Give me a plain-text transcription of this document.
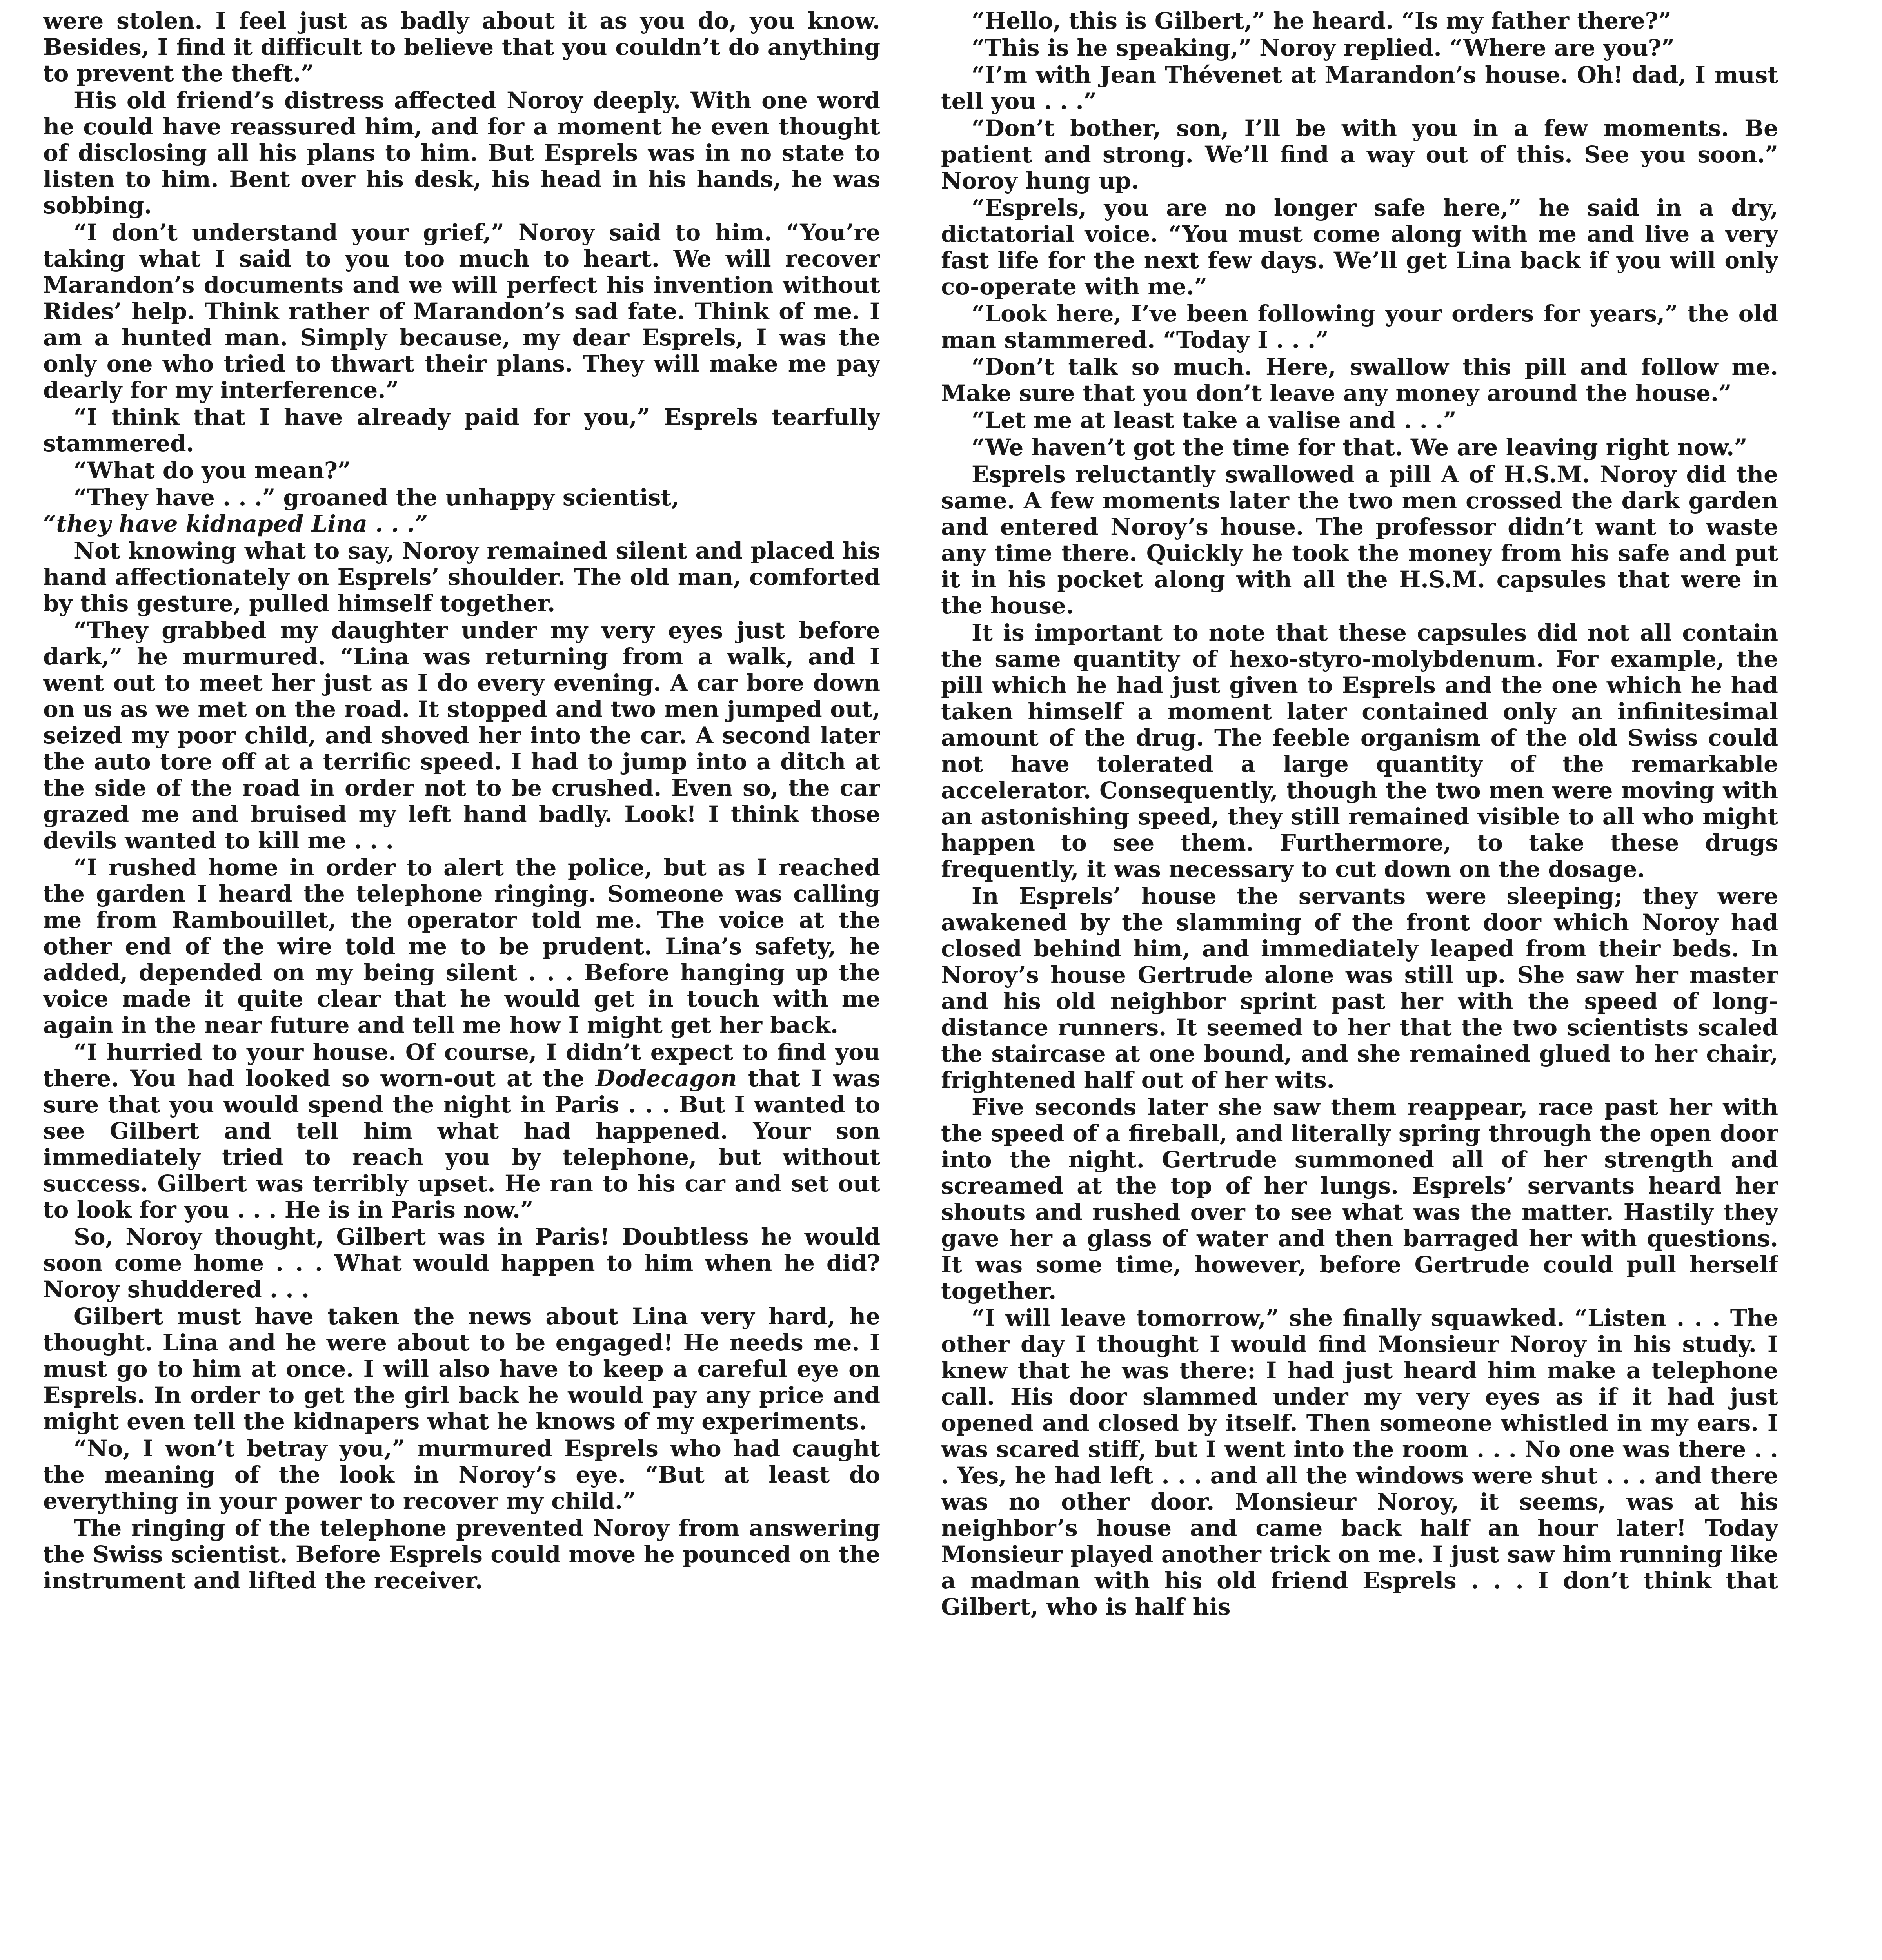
were stolen. I feel just as badly about it as you do, you know. Besides, I find it difficult to believe that you couldn’t do anything to prevent the theft.”

His old friend’s distress affected Noroy deeply. With one word he could have reassured him, and for a moment he even thought of disclosing all his plans to him. But Esprels was in no state to listen to him. Bent over his desk, his head in his hands, he was sobbing.

“I don’t understand your grief,” Noroy said to him. “You’re taking what I said to you too much to heart. We will recover Marandon’s documents and we will perfect his invention without Rides’ help. Think rather of Marandon’s sad fate. Think of me. I am a hunted man. Simply because, my dear Esprels, I was the only one who tried to thwart their plans. They will make me pay dearly for my interference.”

“I think that I have already paid for you,” Esprels tearfully stammered.

“What do you mean?”

“They have . . .” groaned the unhappy scientist,
“they have kidnaped Lina . . .”

Not knowing what to say, Noroy remained silent and placed his hand affectionately on Esprels’ shoulder. The old man, comforted by this gesture, pulled himself together.

“They grabbed my daughter under my very eyes just before dark,” he murmured. “Lina was returning from a walk, and I went out to meet her just as I do every evening. A car bore down on us as we met on the road. It stopped and two men jumped out, seized my poor child, and shoved her into the car. A second later the auto tore off at a terrific speed. I had to jump into a ditch at the side of the road in order not to be crushed. Even so, the car grazed me and bruised my left hand badly. Look! I think those devils wanted to kill me . . .

“I rushed home in order to alert the police, but as I reached the garden I heard the telephone ringing. Someone was calling me from Rambouillet, the operator told me. The voice at the other end of the wire told me to be prudent. Lina’s safety, he added, depended on my being silent . . . Before hanging up the voice made it quite clear that he would get in touch with me again in the near future and tell me how I might get her back.

“I hurried to your house. Of course, I didn’t expect to find you there. You had looked so worn-out at the Dodecagon that I was sure that you would spend the night in Paris . . . But I wanted to see Gilbert and tell him what had happened. Your son immediately tried to reach you by telephone, but without success. Gilbert was terribly upset. He ran to his car and set out to look for you . . . He is in Paris now.”

So, Noroy thought, Gilbert was in Paris! Doubtless he would soon come home . . . What would happen to him when he did? Noroy shuddered . . .

Gilbert must have taken the news about Lina very hard, he thought. Lina and he were about to be engaged! He needs me. I must go to him at once. I will also have to keep a careful eye on Esprels. In order to get the girl back he would pay any price and might even tell the kidnapers what he knows of my experiments.

“No, I won’t betray you,” murmured Esprels who had caught the meaning of the look in Noroy’s eye. “But at least do everything in your power to recover my child.”

The ringing of the telephone prevented Noroy from answering the Swiss scientist. Before Esprels could move he pounced on the instrument and lifted the receiver.

“Hello, this is Gilbert,” he heard. “Is my father there?”

“This is he speaking,” Noroy replied. “Where are you?”

“I’m with Jean Thévenet at Marandon’s house. Oh! dad, I must tell you . . .”

“Don’t bother, son, I’ll be with you in a few moments. Be patient and strong. We’ll find a way out of this. See you soon.” Noroy hung up.

“Esprels, you are no longer safe here,” he said in a dry, dictatorial voice. “You must come along with me and live a very fast life for the next few days. We’ll get Lina back if you will only co-operate with me.”

“Look here, I’ve been following your orders for years,” the old man stammered. “Today I . . .”

“Don’t talk so much. Here, swallow this pill and follow me. Make sure that you don’t leave any money around the house.”

“Let me at least take a valise and . . .”

“We haven’t got the time for that. We are leaving right now.”

Esprels reluctantly swallowed a pill A of H.S.M. Noroy did the same. A few moments later the two men crossed the dark garden and entered Noroy’s house. The professor didn’t want to waste any time there. Quickly he took the money from his safe and put it in his pocket along with all the H.S.M. capsules that were in the house.

It is important to note that these capsules did not all contain the same quantity of hexo-styro-molybdenum. For example, the pill which he had just given to Esprels and the one which he had taken himself a moment later contained only an infinitesimal amount of the drug. The feeble organism of the old Swiss could not have tolerated a large quantity of the remarkable accelerator. Consequently, though the two men were moving with an astonishing speed, they still remained visible to all who might happen to see them. Furthermore, to take these drugs frequently, it was necessary to cut down on the dosage.

In Esprels’ house the servants were sleeping; they were awakened by the slamming of the front door which Noroy had closed behind him, and immediately leaped from their beds. In Noroy’s house Gertrude alone was still up. She saw her master and his old neighbor sprint past her with the speed of long-distance runners. It seemed to her that the two scientists scaled the staircase at one bound, and she remained glued to her chair, frightened half out of her wits.

Five seconds later she saw them reappear, race past her with the speed of a fireball, and literally spring through the open door into the night. Gertrude summoned all of her strength and screamed at the top of her lungs. Esprels’ servants heard her shouts and rushed over to see what was the matter. Hastily they gave her a glass of water and then barraged her with questions. It was some time, however, before Gertrude could pull herself together.

“I will leave tomorrow,” she finally squawked. “Listen . . . The other day I thought I would find Monsieur Noroy in his study. I knew that he was there: I had just heard him make a telephone call. His door slammed under my very eyes as if it had just opened and closed by itself. Then someone whistled in my ears. I was scared stiff, but I went into the room . . . No one was there . . . Yes, he had left . . . and all the windows were shut . . . and there was no other door. Monsieur Noroy, it seems, was at his neighbor’s house and came back half an hour later! Today Monsieur played another trick on me. I just saw him running like a madman with his old friend Esprels . . . I don’t think that Gilbert, who is half his
